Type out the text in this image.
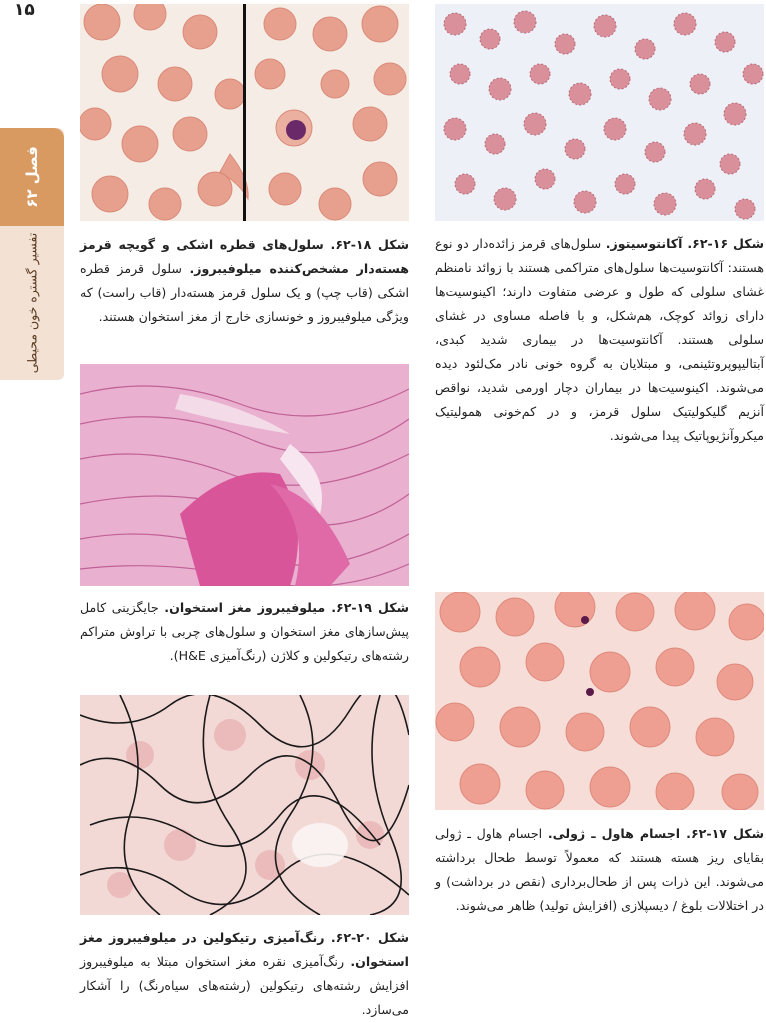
۱۵
فصل ۶۲
تفسیر گستره خون محیطی	شکل ۱۶-۶۲. آکانتوسیتوز. سلول‌های قرمز زائده‌دار دو نوع هستند: آکانتوسیت‌ها سلول‌های متراکمی هستند با زوائد نامنظم غشای سلولی که طول و عرضی متفاوت دارند؛ اکینوسیت‌ها دارای زوائد کوچک، هم‌شکل، و با فاصله مساوی در غشای سلولی هستند. آکانتوسیت‌ها در بیماری شدید کبدی، آبتالیپوپروتئینمی، و مبتلایان به گروه خونی نادر مک‌لئود دیده می‌شوند. اکینوسیت‌ها در بیماران دچار اورمی شدید، نواقص آنزیم گلیکولیتیک سلول قرمز، و در کم‌خونی همولیتیک میکروآنژیوپاتیک پیدا می‌شوند.
شکل ۱۸-۶۲. سلول‌های قطره اشکی و گویچه قرمز هسته‌دار مشخص‌کننده میلوفیبروز. سلول قرمز قطره اشکی (قاب چپ) و یک سلول قرمز هسته‌دار (قاب راست) که ویژگی میلوفیبروز و خونسازی خارج از مغز استخوان هستند.
شکل ۱۹-۶۲. میلوفیبروز مغز استخوان. جایگزینی کامل پیش‌سازهای مغز استخوان و سلول‌های چربی با تراوش متراکم رشته‌های رتیکولین و کلاژن (رنگ‌آمیزی H&E).
شکل ۱۷-۶۲. اجسام هاول ـ ژولی. اجسام هاول ـ ژولی بقایای ریز هسته هستند که معمولاً توسط طحال برداشته می‌شوند. این ذرات پس از طحال‌برداری (نقص در برداشت) و در اختلالات بلوغ / دیسپلازی (افزایش تولید) ظاهر می‌شوند.
شکل ۲۰-۶۲. رنگ‌آمیزی رتیکولین در میلوفیبروز مغز استخوان. رنگ‌آمیزی نقره مغز استخوان مبتلا به میلوفیبروز افزایش رشته‌های رتیکولین (رشته‌های سیاه‌رنگ) را آشکار می‌سازد.
